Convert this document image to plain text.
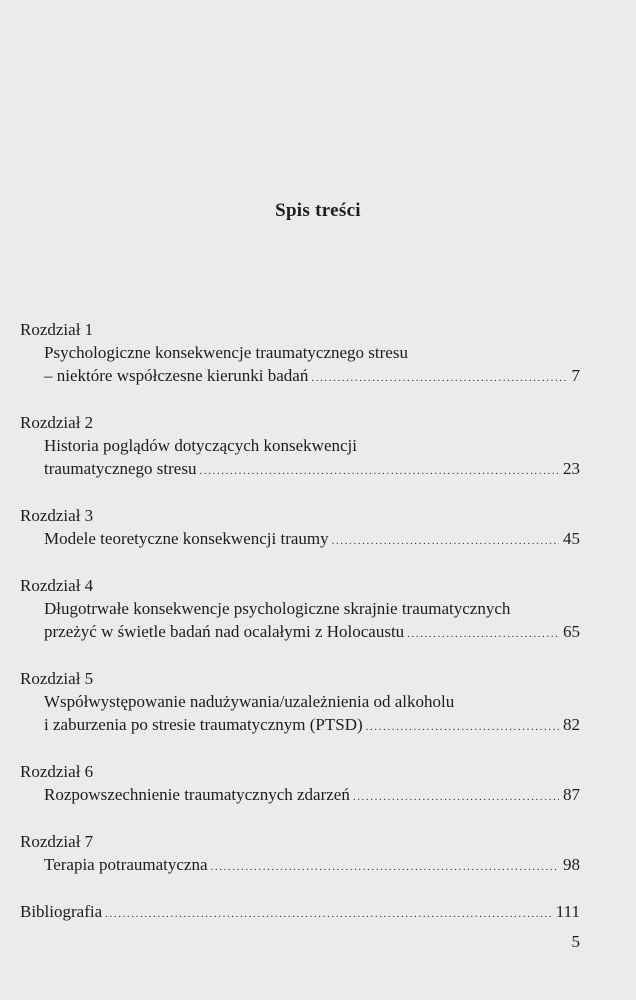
Spis treści
Rozdział 1
Psychologiczne konsekwencje traumatycznego stresu
– niektóre współczesne kierunki badań .....	7
Rozdział 2
Historia poglądów dotyczących konsekwencji
traumatycznego stresu .....	23
Rozdział 3
Modele teoretyczne konsekwencji traumy .....	45
Rozdział 4
Długotrwałe konsekwencje psychologiczne skrajnie traumatycznych
przeżyć w świetle badań nad ocalałymi z Holocaustu .....	65
Rozdział 5
Współwystępowanie nadużywania/uzależnienia od alkoholu
i zaburzenia po stresie traumatycznym (PTSD) .....	82
Rozdział 6
Rozpowszechnienie traumatycznych zdarzeń .....	87
Rozdział 7
Terapia potraumatyczna .....	98
Bibliografia .....	111
5
